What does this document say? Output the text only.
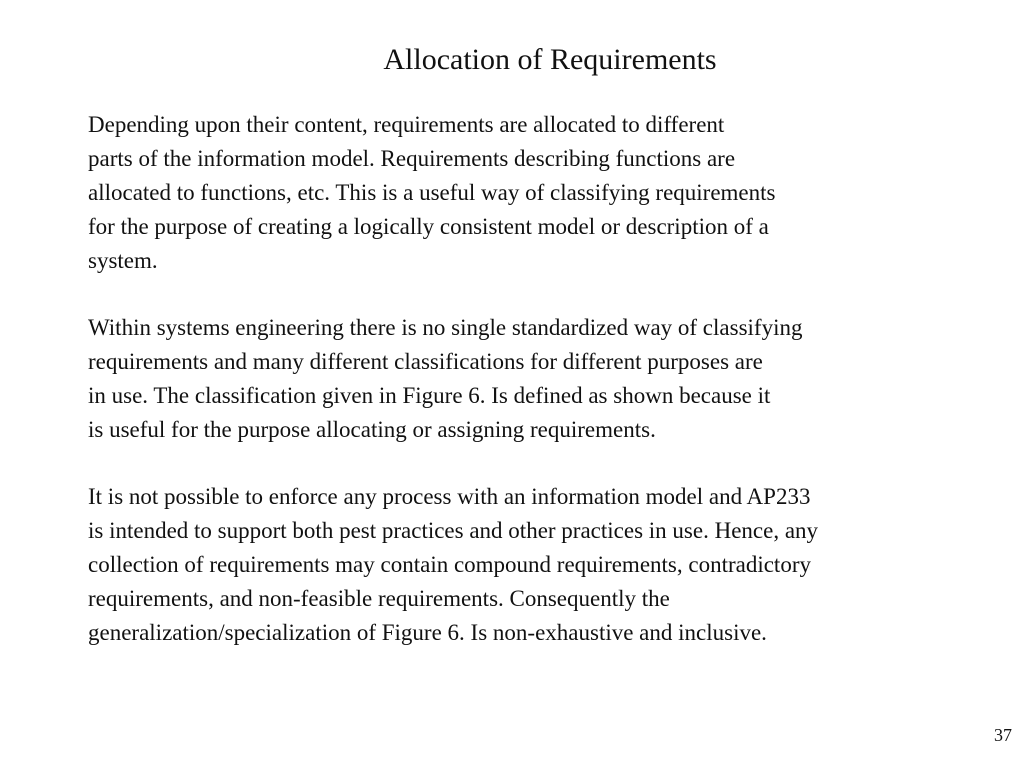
Allocation of Requirements
Depending upon their content, requirements are allocated to different
parts of the information model. Requirements describing functions are
allocated to functions, etc. This is a useful way of classifying requirements
for the purpose of creating a logically consistent model or description of a
system.
Within systems engineering there is no single standardized way of classifying
requirements and many different classifications for different purposes are
in use. The classification given in Figure 6. Is defined as shown because it
is useful for the purpose allocating or assigning requirements.
It is not possible to enforce any process with an information model and AP233
is intended to support both pest practices and other practices in use. Hence, any
collection of requirements may contain compound requirements, contradictory
requirements, and non-feasible requirements. Consequently the
generalization/specialization of Figure 6. Is non-exhaustive and inclusive.
37
